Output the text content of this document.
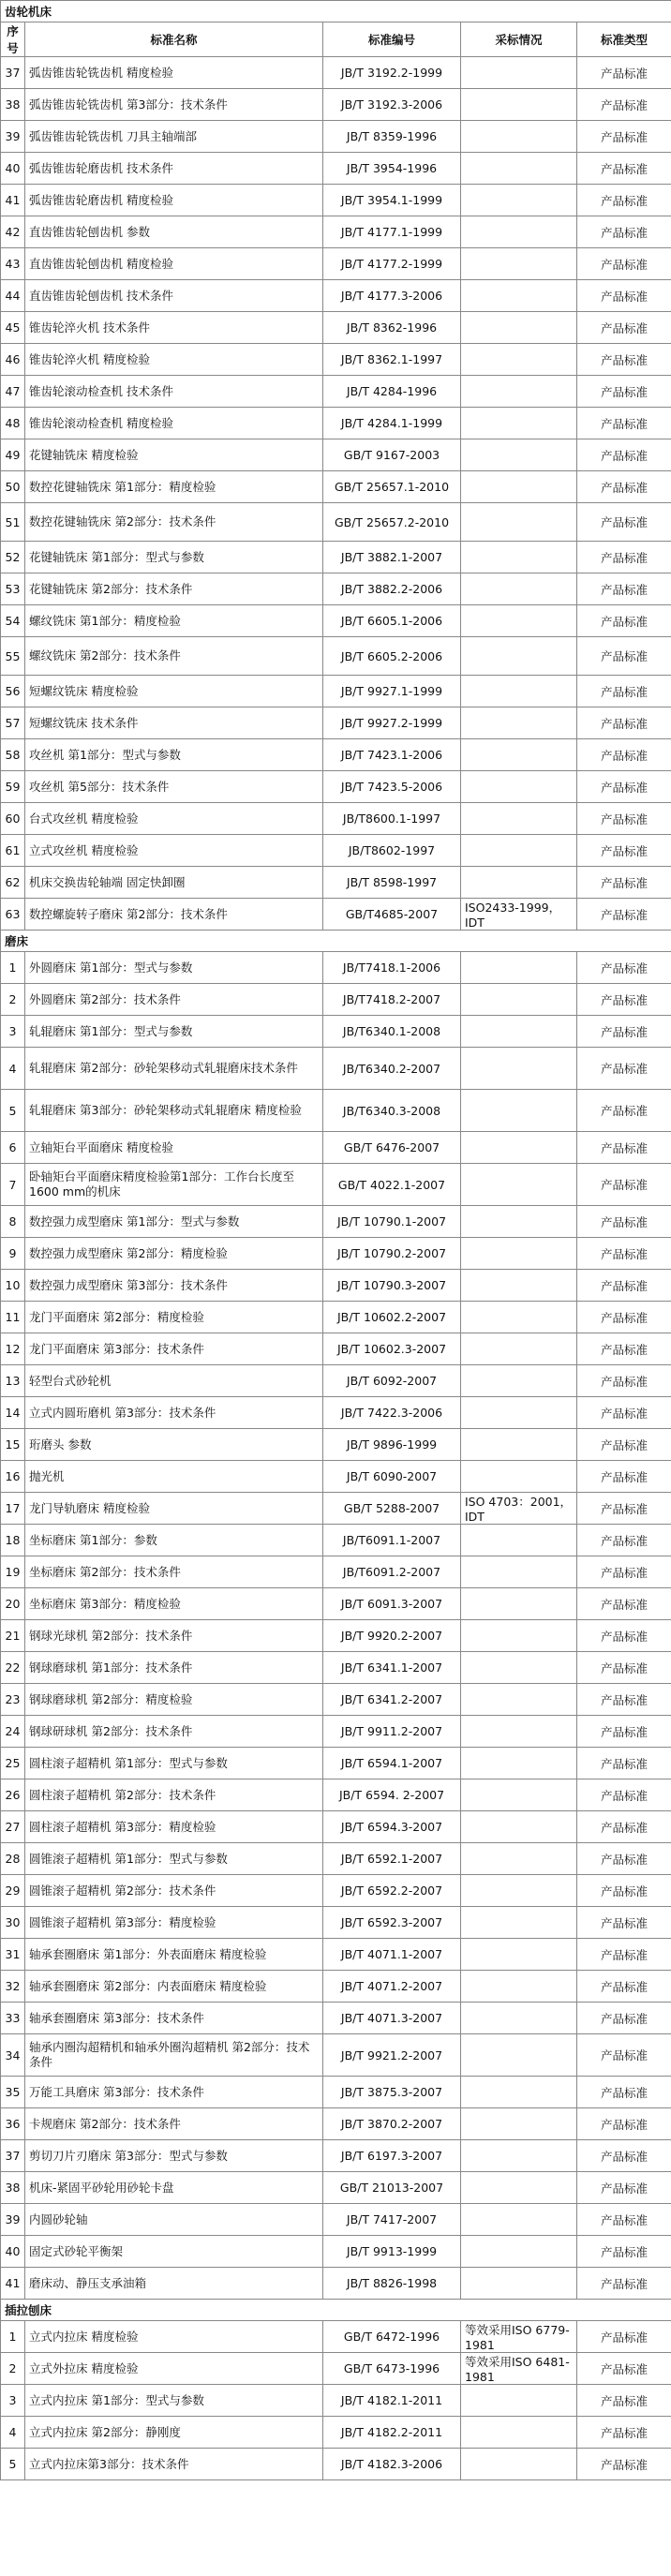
齿轮机床				
序号	标准名称	标准编号	采标情况	标准类型
37	弧齿锥齿轮铣齿机 精度检验	JB/T 3192.2-1999		产品标准
38	弧齿锥齿轮铣齿机 第3部分：技术条件	JB/T 3192.3-2006		产品标准
39	弧齿锥齿轮铣齿机 刀具主轴端部	JB/T 8359-1996		产品标准
40	弧齿锥齿轮磨齿机 技术条件	JB/T 3954-1996		产品标准
41	弧齿锥齿轮磨齿机 精度检验	JB/T 3954.1-1999		产品标准
42	直齿锥齿轮刨齿机 参数	JB/T 4177.1-1999		产品标准
43	直齿锥齿轮刨齿机 精度检验	JB/T 4177.2-1999		产品标准
44	直齿锥齿轮刨齿机 技术条件	JB/T 4177.3-2006		产品标准
45	锥齿轮淬火机 技术条件	JB/T 8362-1996		产品标准
46	锥齿轮淬火机 精度检验	JB/T 8362.1-1997		产品标准
47	锥齿轮滚动检查机 技术条件	JB/T 4284-1996		产品标准
48	锥齿轮滚动检查机 精度检验	JB/T 4284.1-1999		产品标准
49	花键轴铣床 精度检验	GB/T 9167-2003		产品标准
50	数控花键轴铣床 第1部分：精度检验	GB/T 25657.1-2010		产品标准
51	数控花键轴铣床 第2部分：技术条件	GB/T 25657.2-2010		产品标准
52	花键轴铣床 第1部分：型式与参数	JB/T 3882.1-2007		产品标准
53	花键轴铣床 第2部分：技术条件	JB/T 3882.2-2006		产品标准
54	螺纹铣床 第1部分：精度检验	JB/T 6605.1-2006		产品标准
55	螺纹铣床 第2部分：技术条件	JB/T 6605.2-2006		产品标准
56	短螺纹铣床 精度检验	JB/T 9927.1-1999		产品标准
57	短螺纹铣床 技术条件	JB/T 9927.2-1999		产品标准
58	攻丝机 第1部分：型式与参数	JB/T 7423.1-2006		产品标准
59	攻丝机 第5部分：技术条件	JB/T 7423.5-2006		产品标准
60	台式攻丝机 精度检验	JB/T8600.1-1997		产品标准
61	立式攻丝机 精度检验	JB/T8602-1997		产品标准
62	机床交换齿轮轴端 固定快卸圈	JB/T 8598-1997		产品标准
63	数控螺旋转子磨床 第2部分：技术条件	GB/T4685-2007	ISO2433-1999，IDT	产品标准
磨床				
1	外圆磨床 第1部分：型式与参数	JB/T7418.1-2006		产品标准
2	外圆磨床 第2部分：技术条件	JB/T7418.2-2007		产品标准
3	轧辊磨床 第1部分：型式与参数	JB/T6340.1-2008		产品标准
4	轧辊磨床 第2部分：砂轮架移动式轧辊磨床技术条件	JB/T6340.2-2007		产品标准
5	轧辊磨床 第3部分：砂轮架移动式轧辊磨床 精度检验	JB/T6340.3-2008		产品标准
6	立轴矩台平面磨床 精度检验	GB/T 6476-2007		产品标准
7	卧轴矩台平面磨床精度检验第1部分：工作台长度至1600 mm的机床	GB/T 4022.1-2007		产品标准
8	数控强力成型磨床 第1部分：型式与参数	JB/T 10790.1-2007		产品标准
9	数控强力成型磨床 第2部分：精度检验	JB/T 10790.2-2007		产品标准
10	数控强力成型磨床 第3部分：技术条件	JB/T 10790.3-2007		产品标准
11	龙门平面磨床 第2部分：精度检验	JB/T 10602.2-2007		产品标准
12	龙门平面磨床 第3部分：技术条件	JB/T 10602.3-2007		产品标准
13	轻型台式砂轮机	JB/T 6092-2007		产品标准
14	立式内圆珩磨机 第3部分：技术条件	JB/T 7422.3-2006		产品标准
15	珩磨头 参数	JB/T 9896-1999		产品标准
16	抛光机	JB/T 6090-2007		产品标准
17	龙门导轨磨床 精度检验	GB/T 5288-2007	ISO 4703：2001，IDT	产品标准
18	坐标磨床 第1部分：参数	JB/T6091.1-2007		产品标准
19	坐标磨床 第2部分：技术条件	JB/T6091.2-2007		产品标准
20	坐标磨床 第3部分：精度检验	JB/T 6091.3-2007		产品标准
21	钢球光球机 第2部分：技术条件	JB/T 9920.2-2007		产品标准
22	钢球磨球机 第1部分：技术条件	JB/T 6341.1-2007		产品标准
23	钢球磨球机 第2部分：精度检验	JB/T 6341.2-2007		产品标准
24	钢球研球机 第2部分：技术条件	JB/T 9911.2-2007		产品标准
25	圆柱滚子超精机 第1部分：型式与参数	JB/T 6594.1-2007		产品标准
26	圆柱滚子超精机 第2部分：技术条件	JB/T 6594. 2-2007		产品标准
27	圆柱滚子超精机 第3部分：精度检验	JB/T 6594.3-2007		产品标准
28	圆锥滚子超精机 第1部分：型式与参数	JB/T 6592.1-2007		产品标准
29	圆锥滚子超精机 第2部分：技术条件	JB/T 6592.2-2007		产品标准
30	圆锥滚子超精机 第3部分：精度检验	JB/T 6592.3-2007		产品标准
31	轴承套圈磨床 第1部分：外表面磨床 精度检验	JB/T 4071.1-2007		产品标准
32	轴承套圈磨床 第2部分：内表面磨床 精度检验	JB/T 4071.2-2007		产品标准
33	轴承套圈磨床 第3部分：技术条件	JB/T 4071.3-2007		产品标准
34	轴承内圈沟超精机和轴承外圈沟超精机 第2部分：技术条件	JB/T 9921.2-2007		产品标准
35	万能工具磨床 第3部分：技术条件	JB/T 3875.3-2007		产品标准
36	卡规磨床 第2部分：技术条件	JB/T 3870.2-2007		产品标准
37	剪切刀片刃磨床 第3部分：型式与参数	JB/T 6197.3-2007		产品标准
38	机床-紧固平砂轮用砂轮卡盘	GB/T 21013-2007		产品标准
39	内圆砂轮轴	JB/T 7417-2007		产品标准
40	固定式砂轮平衡架	JB/T 9913-1999		产品标准
41	磨床动、静压支承油箱	JB/T 8826-1998		产品标准
插拉刨床				
1	立式内拉床 精度检验	GB/T 6472-1996	等效采用ISO 6779-1981	产品标准
2	立式外拉床 精度检验	GB/T 6473-1996	等效采用ISO 6481-1981	产品标准
3	立式内拉床 第1部分：型式与参数	JB/T 4182.1-2011		产品标准
4	立式内拉床 第2部分：静刚度	JB/T 4182.2-2011		产品标准
5	立式内拉床第3部分：技术条件	JB/T 4182.3-2006		产品标准
